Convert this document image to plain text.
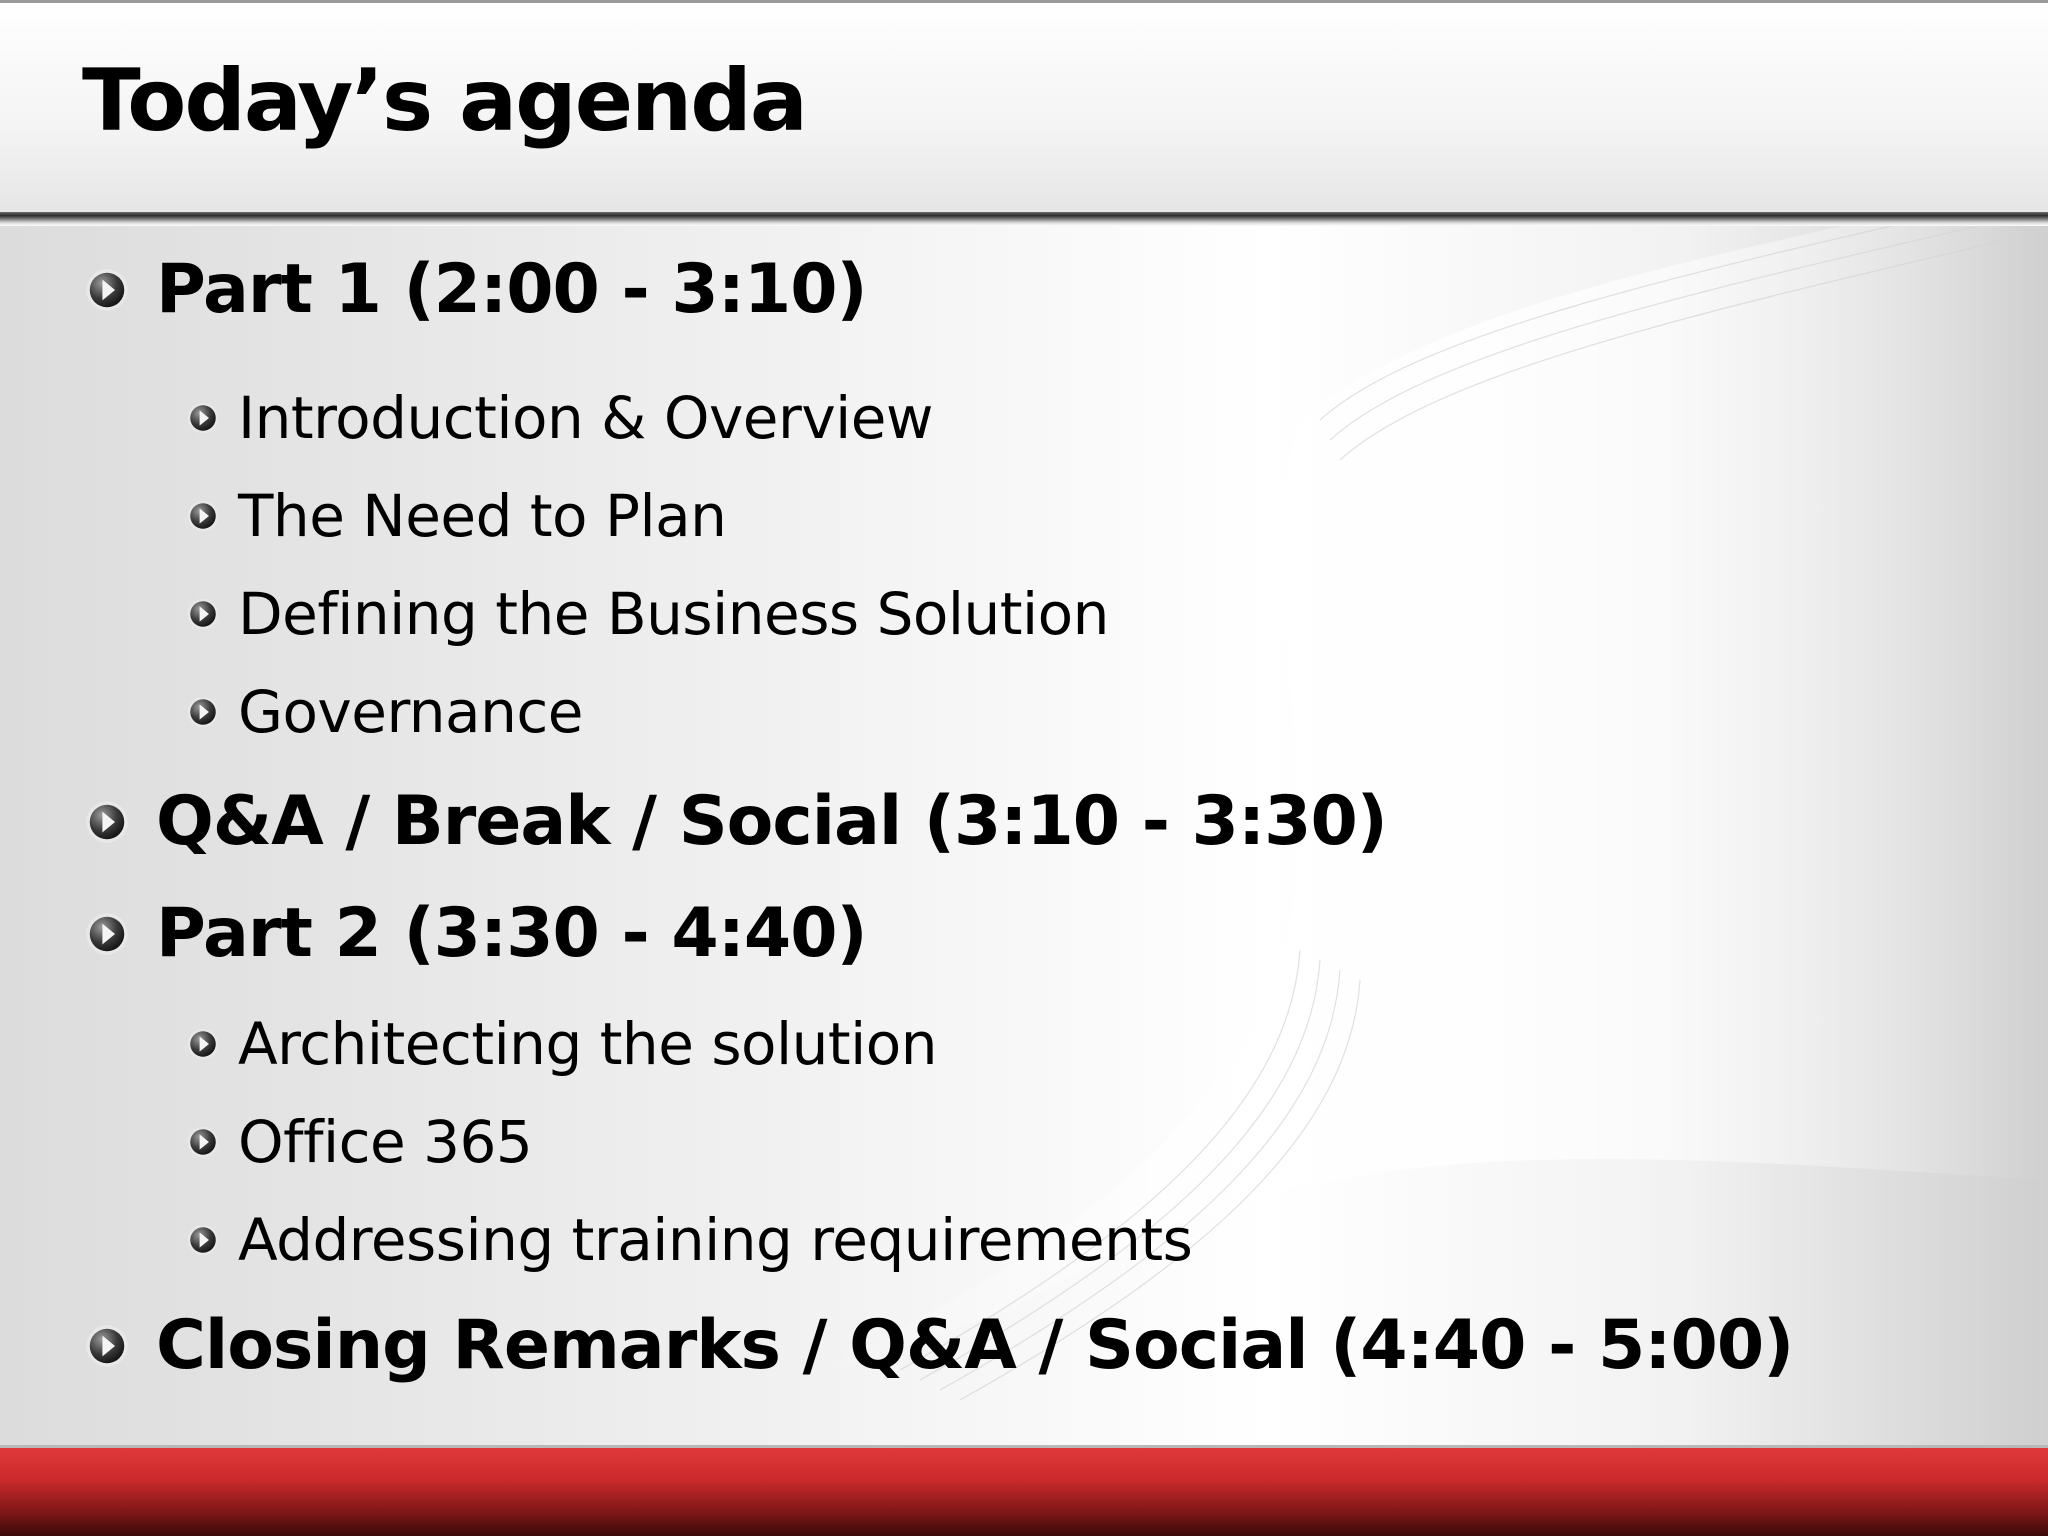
Today’s agenda
Part 1 (2:00 - 3:10)
Introduction & Overview
The Need to Plan
Defining the Business Solution
Governance
Q&A / Break / Social (3:10 - 3:30)
Part 2 (3:30 - 4:40)
Architecting the solution
Office 365
Addressing training requirements
Closing Remarks / Q&A / Social (4:40 - 5:00)
